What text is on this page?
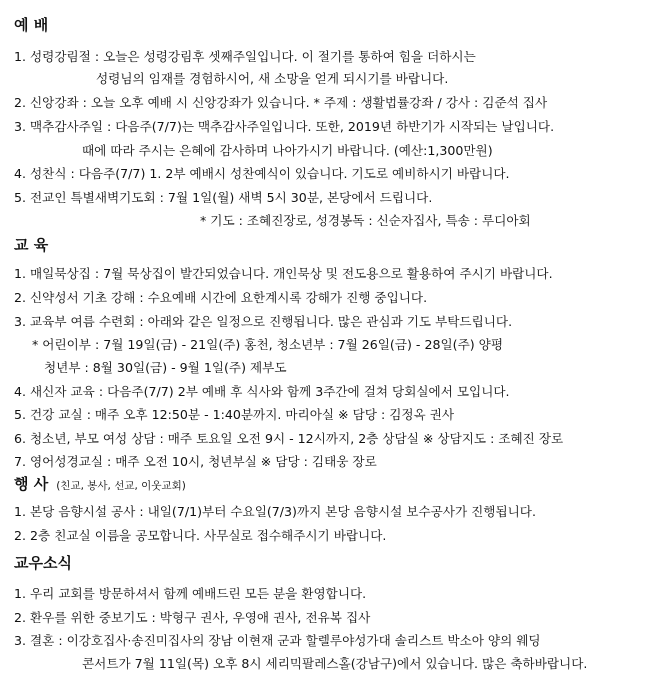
예 배
1. 성령강림절 : 오늘은 성령강림후 셋째주일입니다. 이 절기를 통하여 힘을 더하시는
성령님의 임재를 경험하시어, 새 소망을 얻게 되시기를 바랍니다.
2. 신앙강좌 : 오늘 오후 예배 시 신앙강좌가 있습니다. * 주제 : 생활법률강좌 / 강사 : 김준석 집사
3. 맥추감사주일 : 다음주(7/7)는 맥추감사주일입니다. 또한, 2019년 하반기가 시작되는 날입니다.
때에 따라 주시는 은혜에 감사하며 나아가시기 바랍니다. (예산:1,300만원)
4. 성찬식 : 다음주(7/7) 1. 2부 예배시 성찬예식이 있습니다. 기도로 예비하시기 바랍니다.
5. 전교인 특별새벽기도회 : 7월 1일(월) 새벽 5시 30분, 본당에서 드립니다.
* 기도 : 조혜진장로, 성경봉독 : 신순자집사, 특송 : 루디아회
교 육
1. 매일묵상집 : 7월 묵상집이 발간되었습니다. 개인묵상 및 전도용으로 활용하여 주시기 바랍니다.
2. 신약성서 기초 강해 : 수요예배 시간에 요한계시록 강해가 진행 중입니다.
3. 교육부 여름 수련회 : 아래와 같은 일정으로 진행됩니다. 많은 관심과 기도 부탁드립니다.
* 어린이부 : 7월 19일(금) - 21일(주) 홍천, 청소년부 : 7월 26일(금) - 28일(주) 양평
청년부 : 8월 30일(금) - 9월 1일(주) 제부도
4. 새신자 교육 : 다음주(7/7) 2부 예배 후 식사와 함께 3주간에 걸쳐 당회실에서 모입니다.
5. 건강 교실 : 매주 오후 12:50분 - 1:40분까지. 마리아실 ※ 담당 : 김정옥 권사
6. 청소년, 부모 여성 상담 : 매주 토요일 오전 9시 - 12시까지, 2층 상담실 ※ 상담지도 : 조혜진 장로
7. 영어성경교실 : 매주 오전 10시, 청년부실 ※ 담당 : 김태웅 장로
행 사 (친교, 봉사, 선교, 이웃교회)
1. 본당 음향시설 공사 : 내일(7/1)부터 수요일(7/3)까지 본당 음향시설 보수공사가 진행됩니다.
2. 2층 친교실 이름을 공모합니다. 사무실로 접수해주시기 바랍니다.
교우소식
1. 우리 교회를 방문하셔서 함께 예배드린 모든 분을 환영합니다.
2. 환우를 위한 중보기도 : 박형구 권사, 우영애 권사, 전유복 집사
3. 결혼 : 이강호집사·송진미집사의 장남 이현재 군과 할렐루야성가대 솔리스트 박소아 양의 웨딩
콘서트가 7월 11일(목) 오후 8시 세리믹팔레스홀(강남구)에서 있습니다. 많은 축하바랍니다.
